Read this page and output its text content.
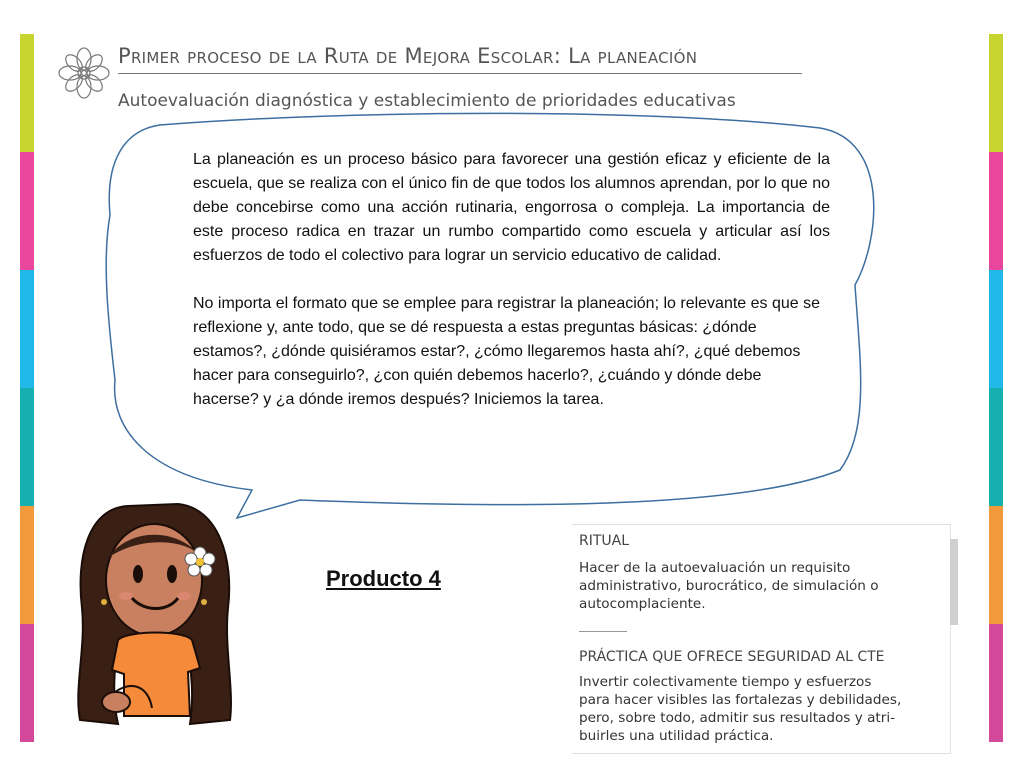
Primer proceso de la Ruta de Mejora Escolar: La planeación
Autoevaluación diagnóstica y establecimiento de prioridades educativas

La planeación es un proceso básico para favorecer una gestión eficaz y eficiente de la escuela, que se realiza con el único fin de que todos los alumnos aprendan, por lo que no debe concebirse como una acción rutinaria, engorrosa o compleja. La importancia de este proceso radica en trazar un rumbo compartido como escuela y articular así los esfuerzos de todo el colectivo para lograr un servicio educativo de calidad.

No importa el formato que se emplee para registrar la planeación; lo relevante es que se reflexione y, ante todo, que se dé respuesta a estas preguntas básicas: ¿dónde estamos?, ¿dónde quisiéramos estar?, ¿cómo llegaremos hasta ahí?, ¿qué debemos hacer para conseguirlo?, ¿con quién debemos hacerlo?, ¿cuándo y dónde debe hacerse? y ¿a dónde iremos después? Iniciemos la tarea.

Producto 4
RITUAL
Hacer de la autoevaluación un requisito
administrativo, burocrático, de simulación o
autocomplaciente.
PRÁCTICA QUE OFRECE SEGURIDAD AL CTE
Invertir colectivamente tiempo y esfuerzos
para hacer visibles las fortalezas y debilidades,
pero, sobre todo, admitir sus resultados y atri-
buirles una utilidad práctica.
